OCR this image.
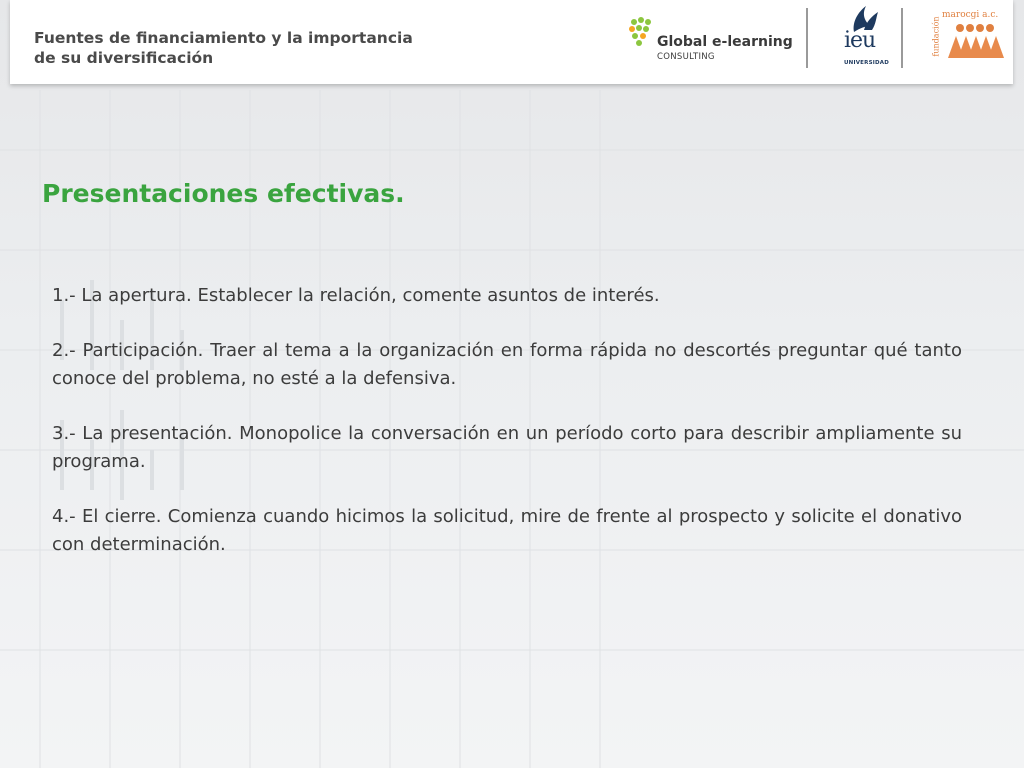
Fuentes de financiamiento y la importancia
de su diversificación
Global e-learning
CONSULTING
ieu
UNIVERSIDAD
fundación
marocgi a.c.
Presentaciones efectivas.

1.- La apertura. Establecer la relación, comente asuntos de interés.

2.- Participación. Traer al tema a la organización en forma rápida no descortés preguntar qué tanto conoce del problema, no esté a la defensiva.

3.- La presentación. Monopolice la conversación en un período corto para describir ampliamente su programa.

4.- El cierre. Comienza cuando hicimos la solicitud, mire de frente al prospecto y solicite el donativo con determinación.
